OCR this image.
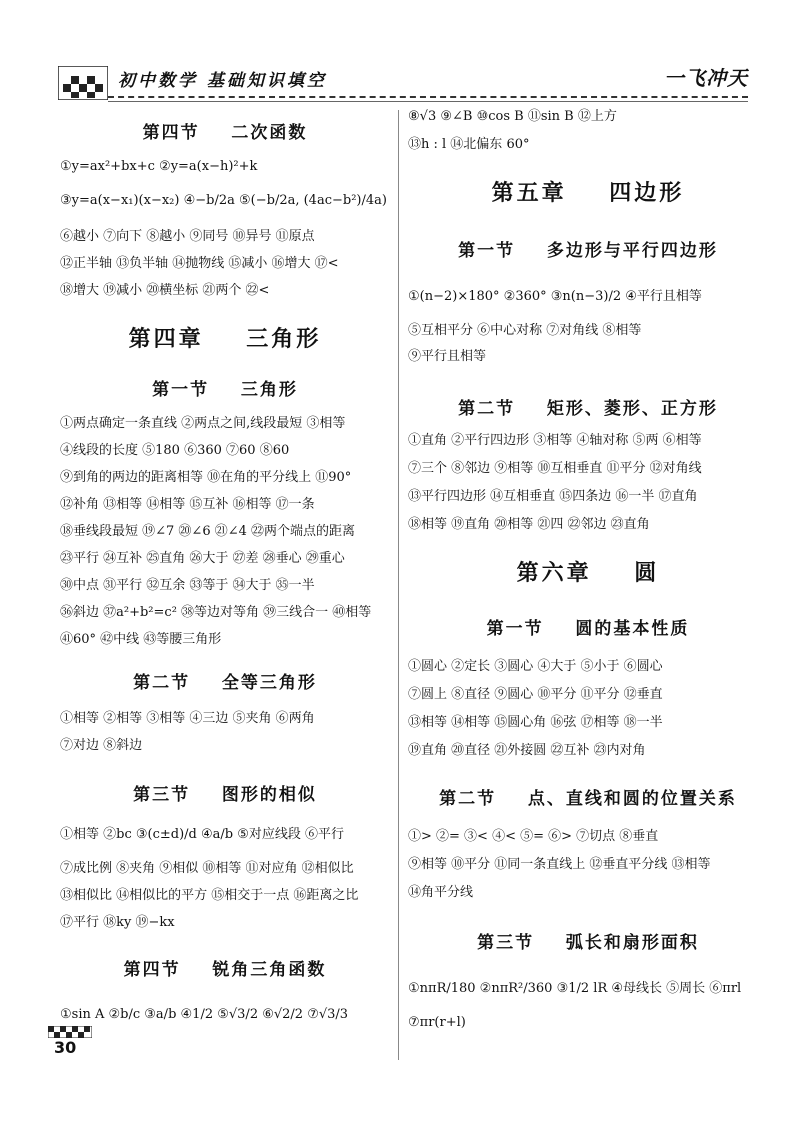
初中数学 基础知识填空	一飞冲天
第四节    二次函数
①y=ax²+bx+c ②y=a(x−h)²+k
③y=a(x−x₁)(x−x₂) ④−b/2a ⑤(−b/2a, (4ac−b²)/4a)
⑥越小 ⑦向下 ⑧越小 ⑨同号 ⑩异号 ⑪原点
⑫正半轴 ⑬负半轴 ⑭抛物线 ⑮减小 ⑯增大 ⑰<
⑱增大 ⑲减小 ⑳横坐标 ㉑两个 ㉒<
第四章    三角形
第一节    三角形
①两点确定一条直线 ②两点之间,线段最短 ③相等
④线段的长度 ⑤180 ⑥360 ⑦60 ⑧60
⑨到角的两边的距离相等 ⑩在角的平分线上 ⑪90°
⑫补角 ⑬相等 ⑭相等 ⑮互补 ⑯相等 ⑰一条
⑱垂线段最短 ⑲∠7 ⑳∠6 ㉑∠4 ㉒两个端点的距离
㉓平行 ㉔互补 ㉕直角 ㉖大于 ㉗差 ㉘垂心 ㉙重心
㉚中点 ㉛平行 ㉜互余 ㉝等于 ㉞大于 ㉟一半
㊱斜边 ㊲a²+b²=c² ㊳等边对等角 ㊴三线合一 ㊵相等
㊶60° ㊷中线 ㊸等腰三角形
第二节    全等三角形
①相等 ②相等 ③相等 ④三边 ⑤夹角 ⑥两角
⑦对边 ⑧斜边
第三节    图形的相似
①相等 ②bc ③(c±d)/d ④a/b ⑤对应线段 ⑥平行
⑦成比例 ⑧夹角 ⑨相似 ⑩相等 ⑪对应角 ⑫相似比
⑬相似比 ⑭相似比的平方 ⑮相交于一点 ⑯距离之比
⑰平行 ⑱ky ⑲−kx
第四节    锐角三角函数
①sin A ②b/c ③a/b ④1/2 ⑤√3/2 ⑥√2/2 ⑦√3/3
⑧√3 ⑨∠B ⑩cos B ⑪sin B ⑫上方
⑬h : l ⑭北偏东 60°
第五章    四边形
第一节    多边形与平行四边形
①(n−2)×180° ②360° ③n(n−3)/2 ④平行且相等
⑤互相平分 ⑥中心对称 ⑦对角线 ⑧相等
⑨平行且相等
第二节    矩形、菱形、正方形
①直角 ②平行四边形 ③相等 ④轴对称 ⑤两 ⑥相等
⑦三个 ⑧邻边 ⑨相等 ⑩互相垂直 ⑪平分 ⑫对角线
⑬平行四边形 ⑭互相垂直 ⑮四条边 ⑯一半 ⑰直角
⑱相等 ⑲直角 ⑳相等 ㉑四 ㉒邻边 ㉓直角
第六章    圆
第一节    圆的基本性质
①圆心 ②定长 ③圆心 ④大于 ⑤小于 ⑥圆心
⑦圆上 ⑧直径 ⑨圆心 ⑩平分 ⑪平分 ⑫垂直
⑬相等 ⑭相等 ⑮圆心角 ⑯弦 ⑰相等 ⑱一半
⑲直角 ⑳直径 ㉑外接圆 ㉒互补 ㉓内对角
第二节    点、直线和圆的位置关系
①> ②= ③< ④< ⑤= ⑥> ⑦切点 ⑧垂直
⑨相等 ⑩平分 ⑪同一条直线上 ⑫垂直平分线 ⑬相等
⑭角平分线
第三节    弧长和扇形面积
①nπR/180 ②nπR²/360 ③1/2 lR ④母线长 ⑤周长 ⑥πrl
⑦πr(r+l)
30
